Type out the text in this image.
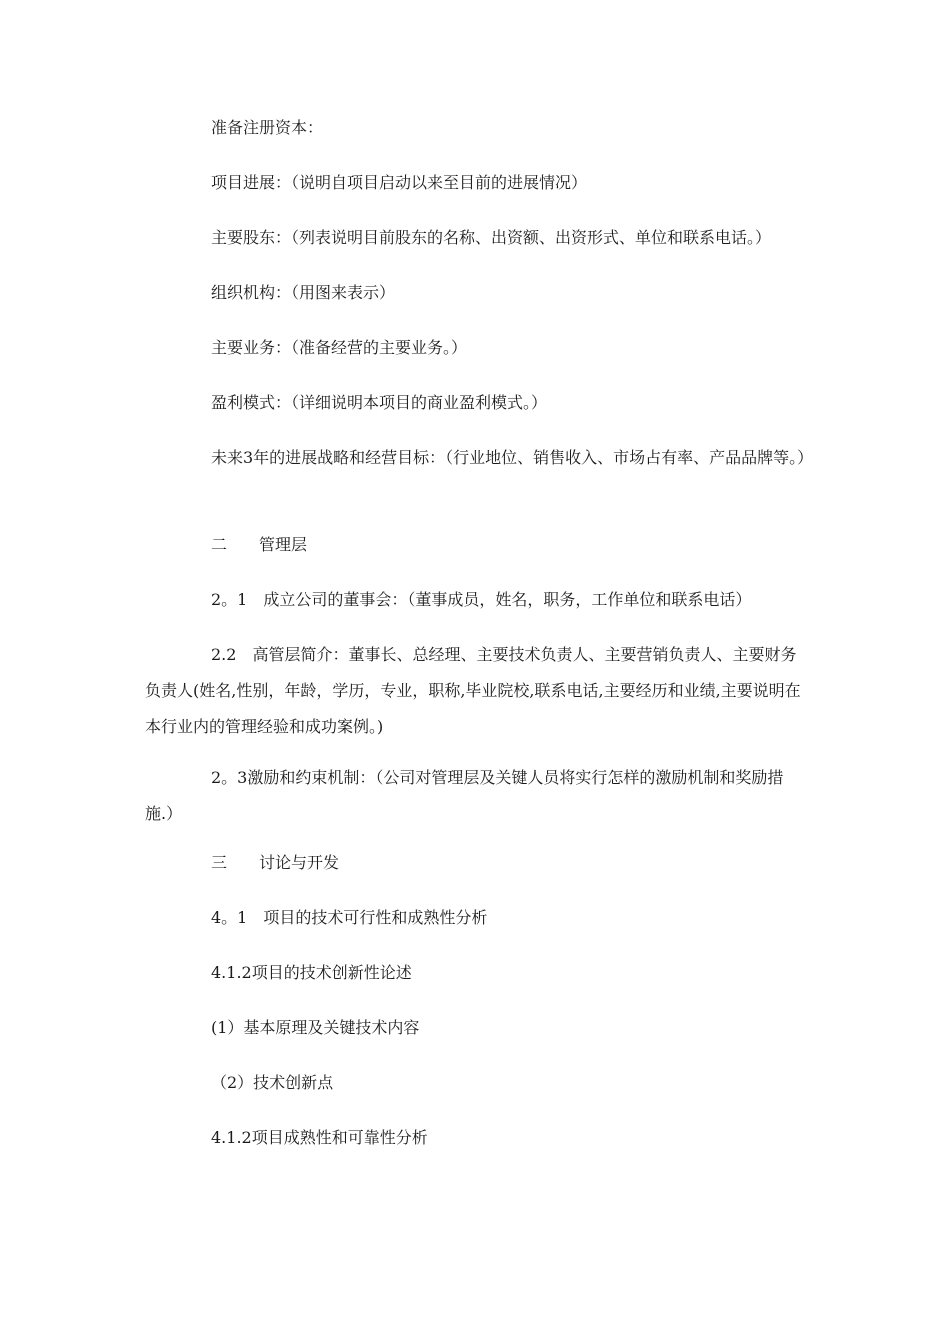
准备注册资本：

项目进展：（说明自项目启动以来至目前的进展情况）

主要股东：（列表说明目前股东的名称、出资额、出资形式、单位和联系电话。）

组织机构：（用图来表示）

主要业务：（准备经营的主要业务。）

盈利模式：（详细说明本项目的商业盈利模式。）

未来3年的进展战略和经营目标：（行业地位、销售收入、市场占有率、产品品牌等。）

二　　管理层

2。1　成立公司的董事会：（董事成员，姓名，职务，工作单位和联系电话）

2.2　高管层简介：董事长、总经理、主要技术负责人、主要营销负责人、主要财务负责人(姓名,性别，年龄，学历，专业，职称,毕业院校,联系电话,主要经历和业绩,主要说明在本行业内的管理经验和成功案例。)

2。3激励和约束机制：（公司对管理层及关键人员将实行怎样的激励机制和奖励措施.）

三　　讨论与开发

4。1　项目的技术可行性和成熟性分析

4.1.2项目的技术创新性论述

(1）基本原理及关键技术内容

（2）技术创新点

4.1.2项目成熟性和可靠性分析
